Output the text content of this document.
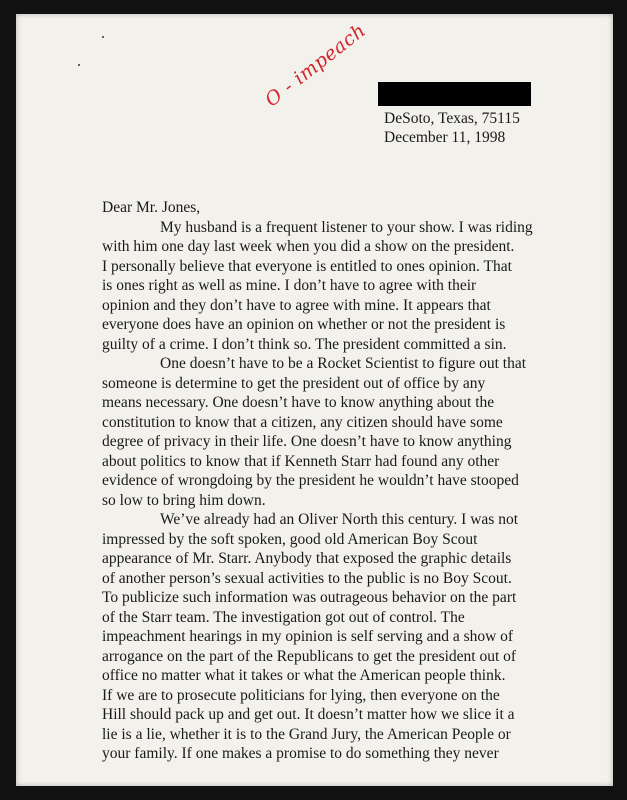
O - impeach
DeSoto, Texas, 75115
December 11, 1998
Dear Mr. Jones,
My husband is a frequent listener to your show. I was riding
with him one day last week when you did a show on the president.
I personally believe that everyone is entitled to ones opinion. That
is ones right as well as mine. I don’t have to agree with their
opinion and they don’t have to agree with mine. It appears that
everyone does have an opinion on whether or not the president is
guilty of a crime. I don’t think so. The president committed a sin.
One doesn’t have to be a Rocket Scientist to figure out that
someone is determine to get the president out of office by any
means necessary. One doesn’t have to know anything about the
constitution to know that a citizen, any citizen should have some
degree of privacy in their life. One doesn’t have to know anything
about politics to know that if Kenneth Starr had found any other
evidence of wrongdoing by the president he wouldn’t have stooped
so low to bring him down.
We’ve already had an Oliver North this century. I was not
impressed by the soft spoken, good old American Boy Scout
appearance of Mr. Starr. Anybody that exposed the graphic details
of another person’s sexual activities to the public is no Boy Scout.
To publicize such information was outrageous behavior on the part
of the Starr team. The investigation got out of control. The
impeachment hearings in my opinion is self serving and a show of
arrogance on the part of the Republicans to get the president out of
office no matter what it takes or what the American people think.
If we are to prosecute politicians for lying, then everyone on the
Hill should pack up and get out. It doesn’t matter how we slice it a
lie is a lie, whether it is to the Grand Jury, the American People or
your family. If one makes a promise to do something they never
